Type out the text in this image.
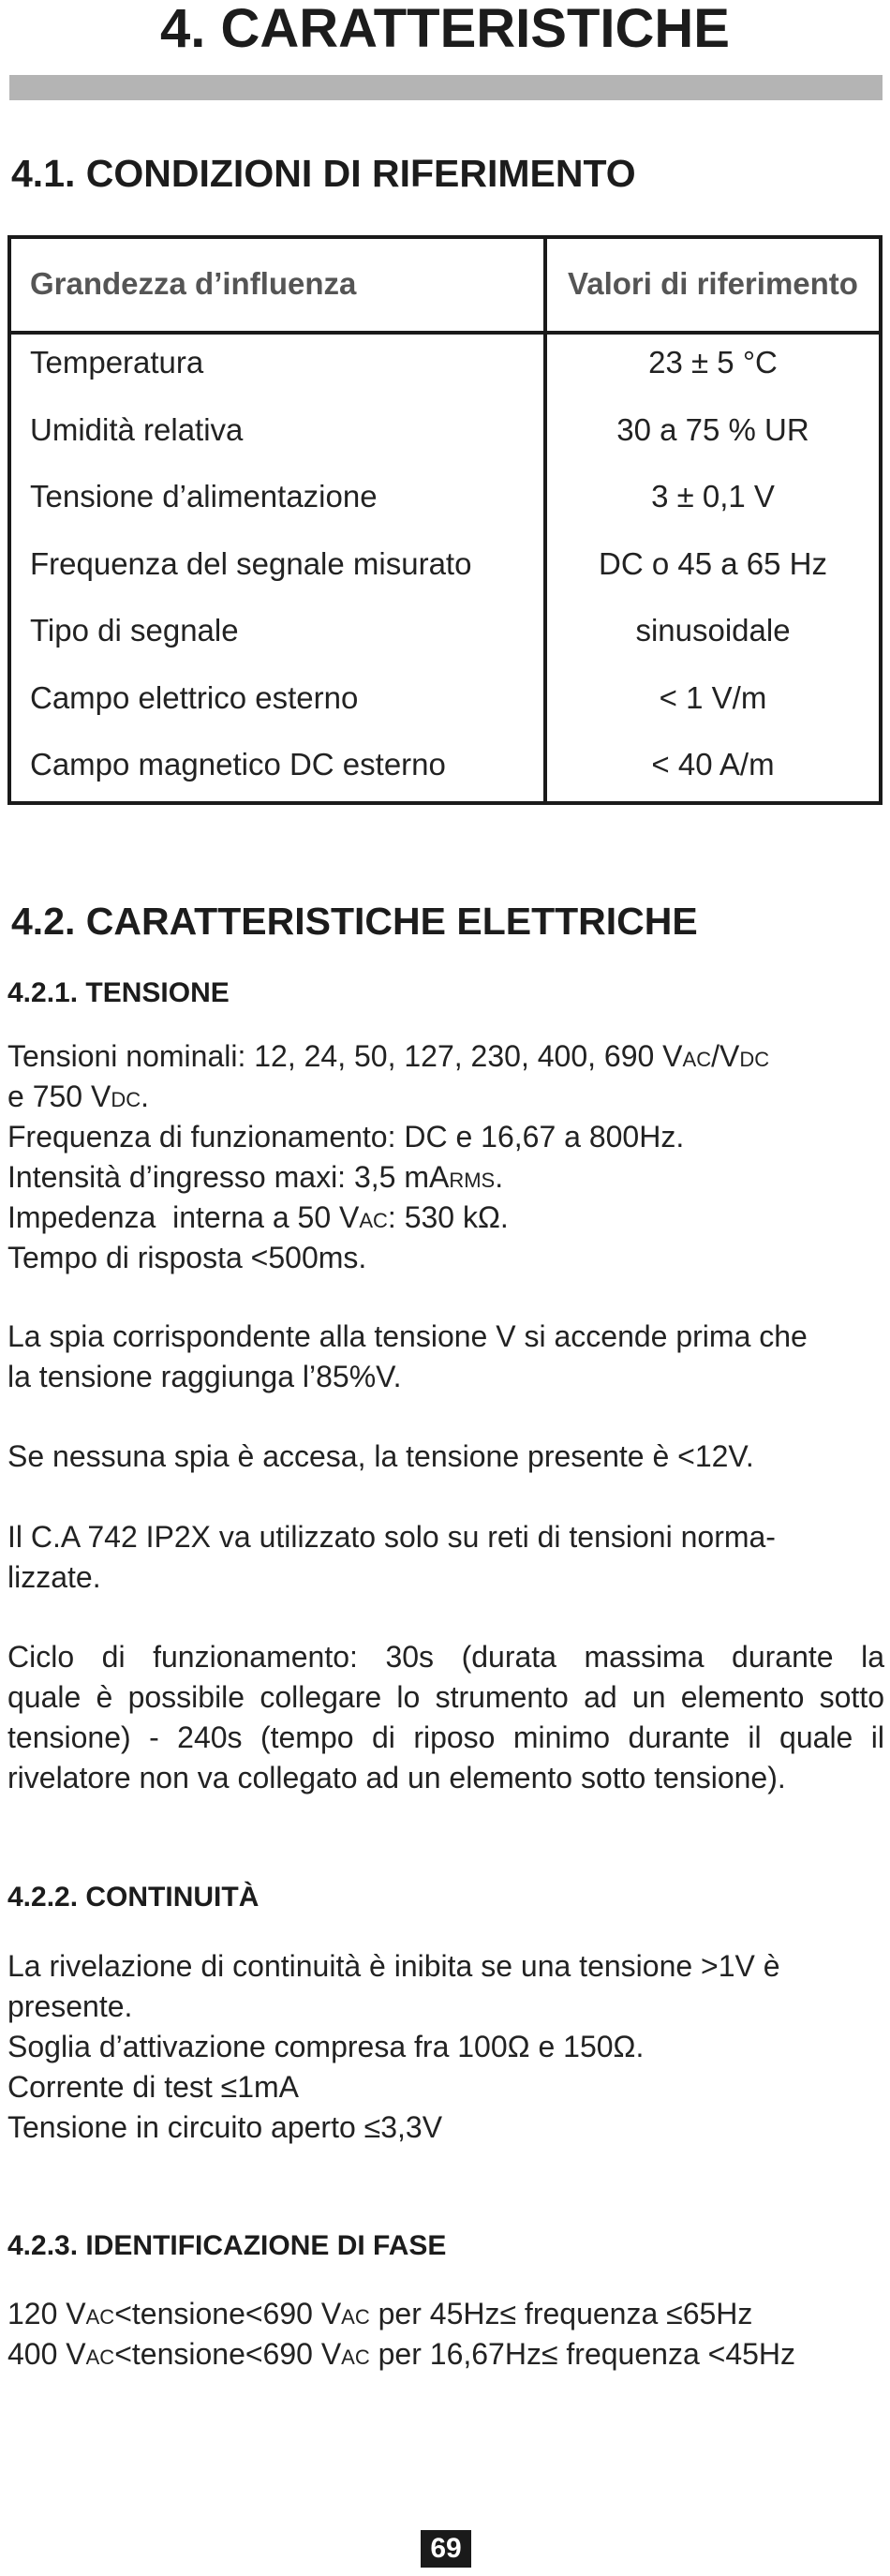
4. CARATTERISTICHE
4.1. CONDIZIONI DI RIFERIMENTO
Grandezza d’influenza	Valori di riferimento
Temperatura	23 ± 5 °C
Umidità relativa	30 a 75 % UR
Tensione d’alimentazione	3 ± 0,1 V
Frequenza del segnale misurato	DC o 45 a 65 Hz
Tipo di segnale	sinusoidale
Campo elettrico esterno	< 1 V/m
Campo magnetico DC esterno	< 40 A/m
4.2. CARATTERISTICHE ELETTRICHE
4.2.1. TENSIONE
Tensioni nominali: 12, 24, 50, 127, 230, 400, 690 VAC/VDC
e 750 VDC.
Frequenza di funzionamento: DC e 16,67 a 800Hz.
Intensità d’ingresso maxi: 3,5 mARMS.
Impedenza  interna a 50 VAC: 530 kΩ.
Tempo di risposta <500ms.
La spia corrispondente alla tensione V si accende prima che
la tensione raggiunga l’85%V.
Se nessuna spia è accesa, la tensione presente è <12V.
Il C.A 742 IP2X va utilizzato solo su reti di tensioni norma-
lizzate.
Ciclo di funzionamento: 30s (durata massima durante la
quale è possibile collegare lo strumento ad un elemento sotto
tensione) - 240s (tempo di riposo minimo durante il quale il
rivelatore non va collegato ad un elemento sotto tensione).
4.2.2. CONTINUITÀ
La rivelazione di continuità è inibita se una tensione >1V è
presente.
Soglia d’attivazione compresa fra 100Ω e 150Ω.
Corrente di test ≤1mA
Tensione in circuito aperto ≤3,3V
4.2.3. IDENTIFICAZIONE DI FASE
120 VAC<tensione<690 VAC per 45Hz≤ frequenza ≤65Hz
400 VAC<tensione<690 VAC per 16,67Hz≤ frequenza <45Hz
69
